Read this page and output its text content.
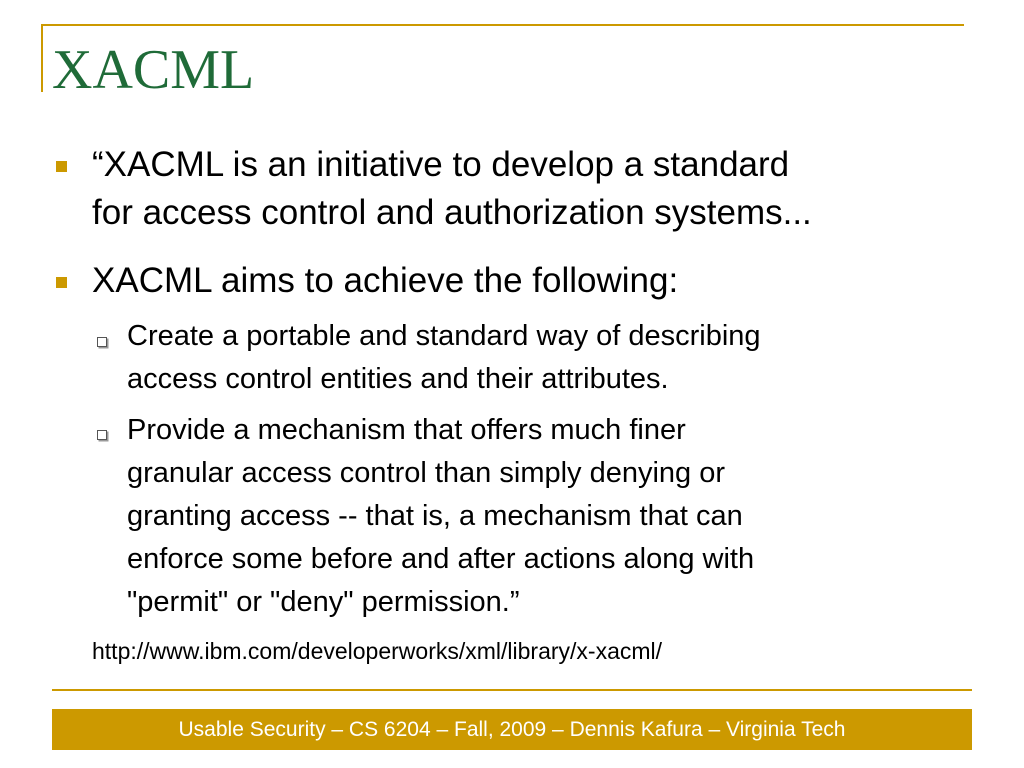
XACML

“XACML is an initiative to develop a standard

for access control and authorization systems...

XACML aims to achieve the following:

Create a portable and standard way of describing

access control entities and their attributes.

Provide a mechanism that offers much finer

granular access control than simply denying or

granting access -- that is, a mechanism that can

enforce some before and after actions along with

"permit" or "deny" permission.”

http://www.ibm.com/developerworks/xml/library/x-xacml/

Usable Security – CS 6204 – Fall, 2009 – Dennis Kafura – Virginia Tech
